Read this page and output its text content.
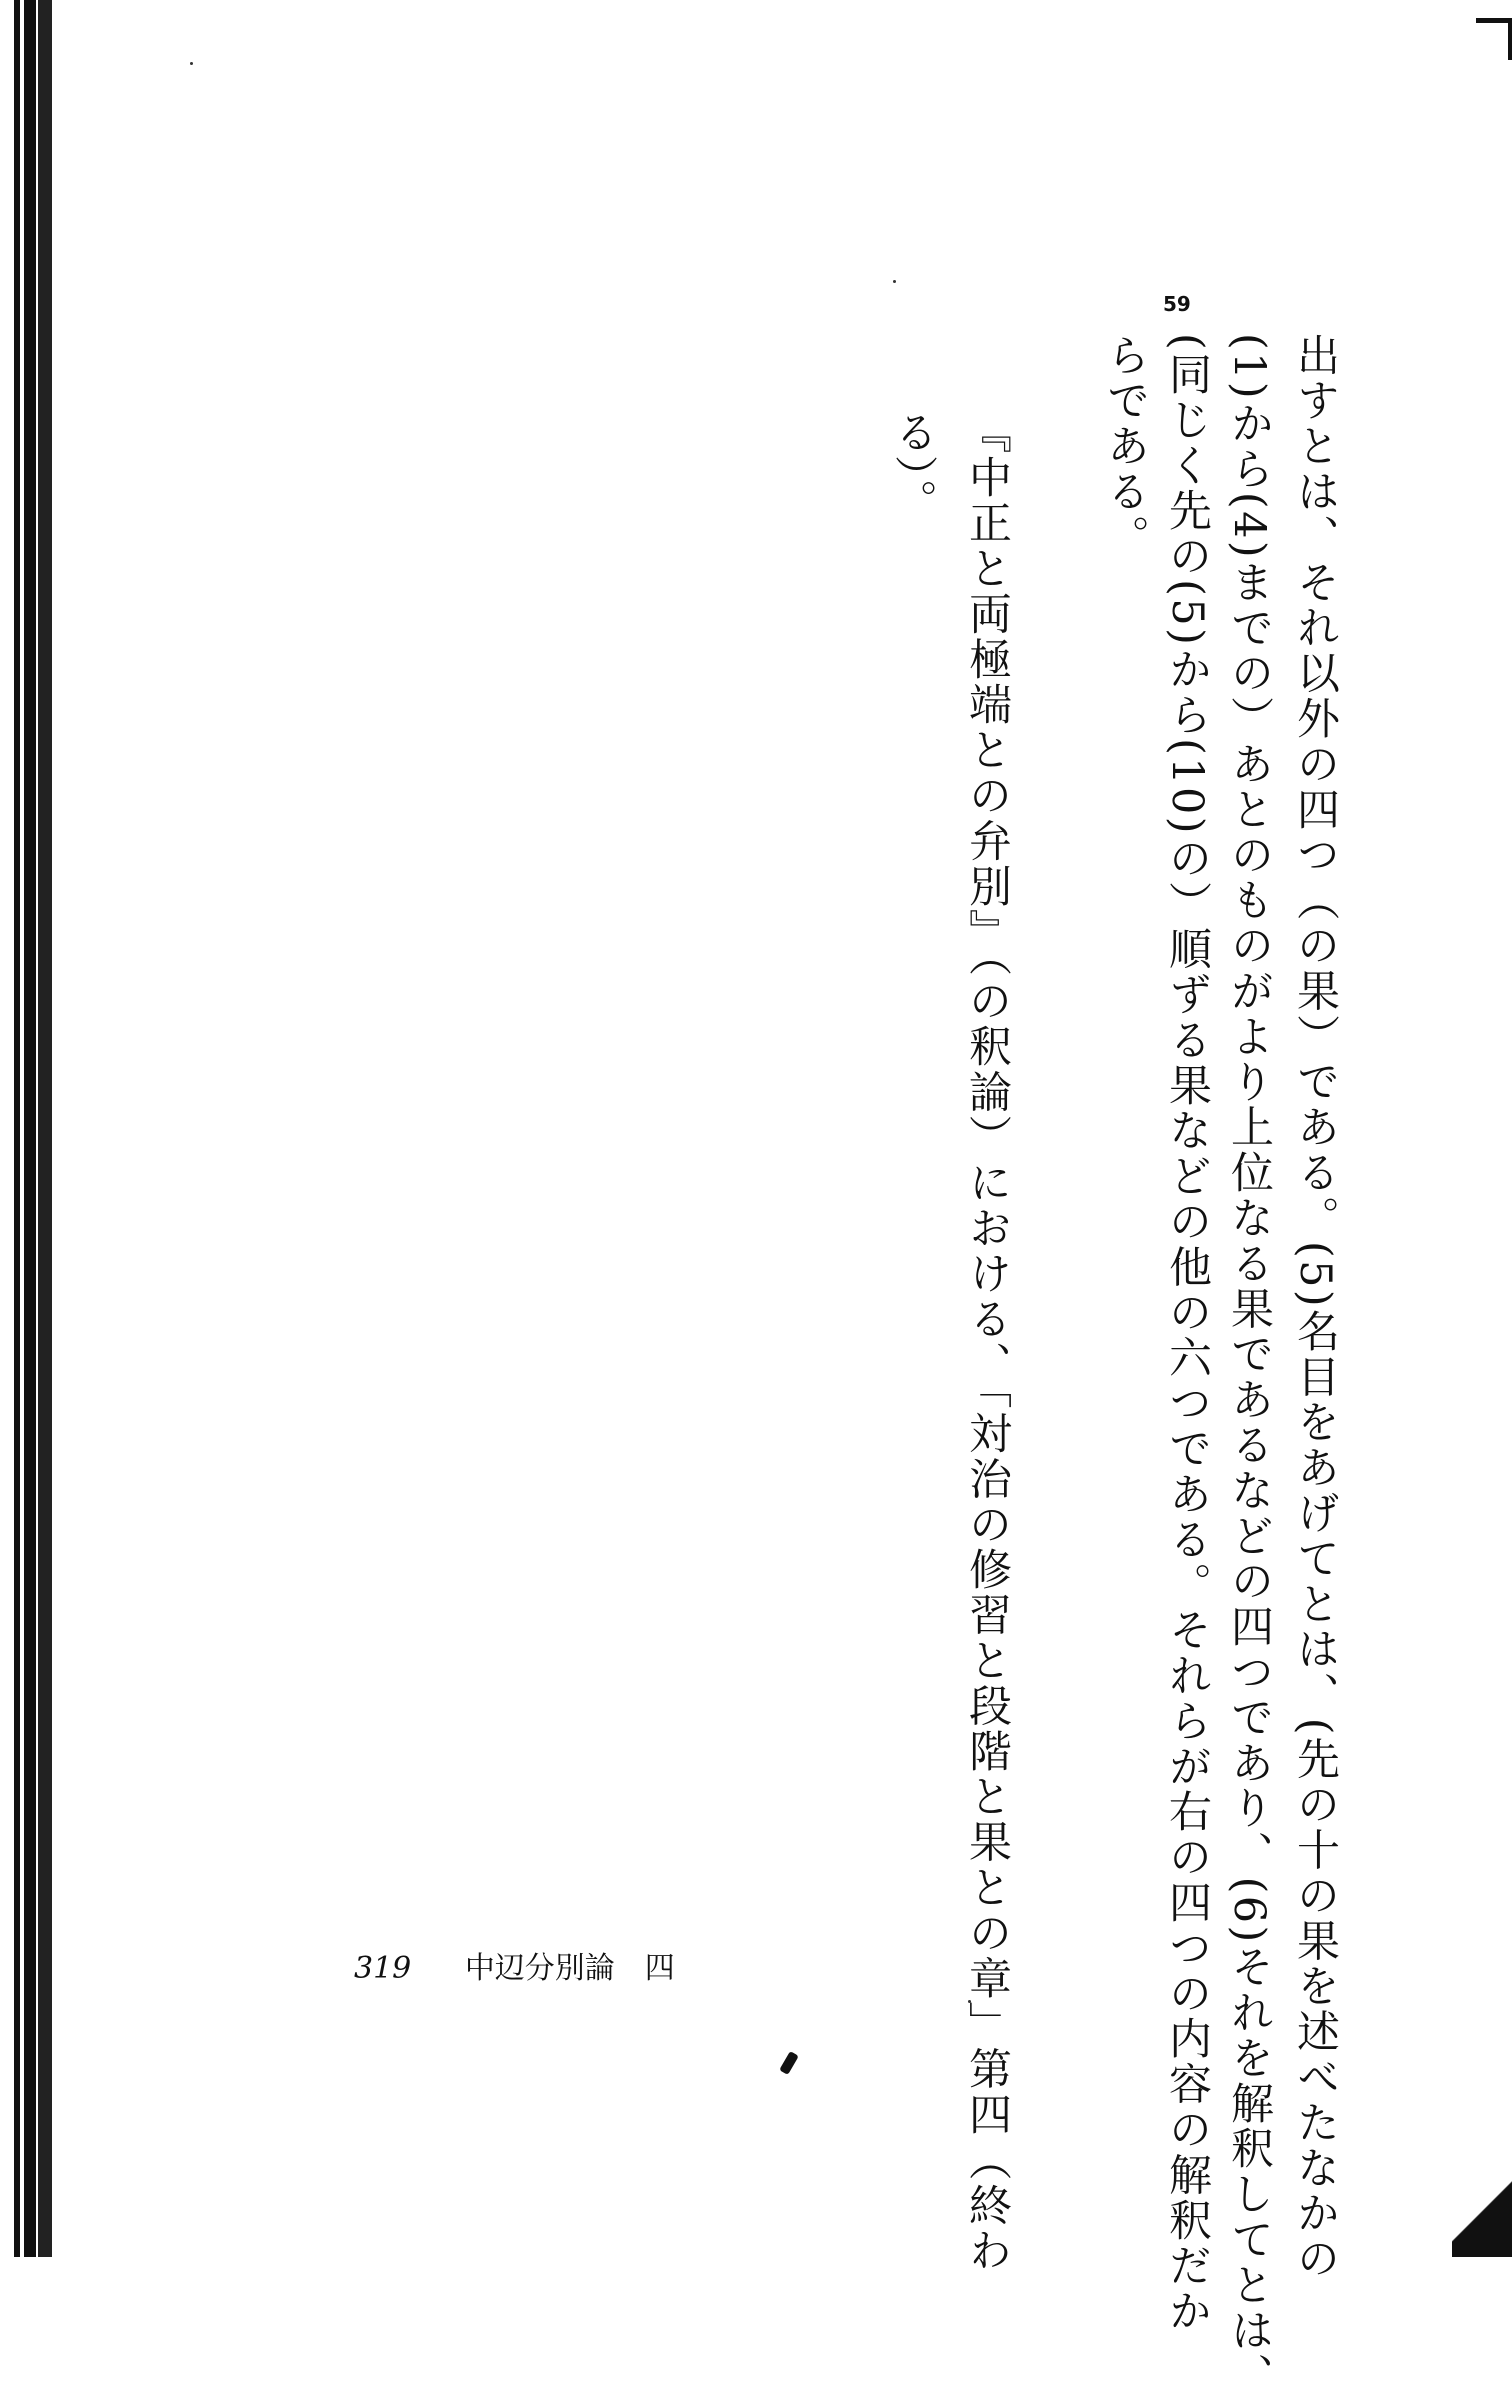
59
出すとは、それ以外の四つ（の果）である。(5)名目をあげてとは、(先の十の果を述べたなかの
(1)から(4)までの）あとのものがより上位なる果であるなどの四つであり、(6)それを解釈してとは、
(同じく先の(5)から(10)の）順ずる果などの他の六つである。それらが右の四つの内容の解釈だか
らである。
『中正と両極端との弁別』（の釈論）における、「対治の修習と段階と果との章」第四（終わ
る）。
319 中辺分別論　四
